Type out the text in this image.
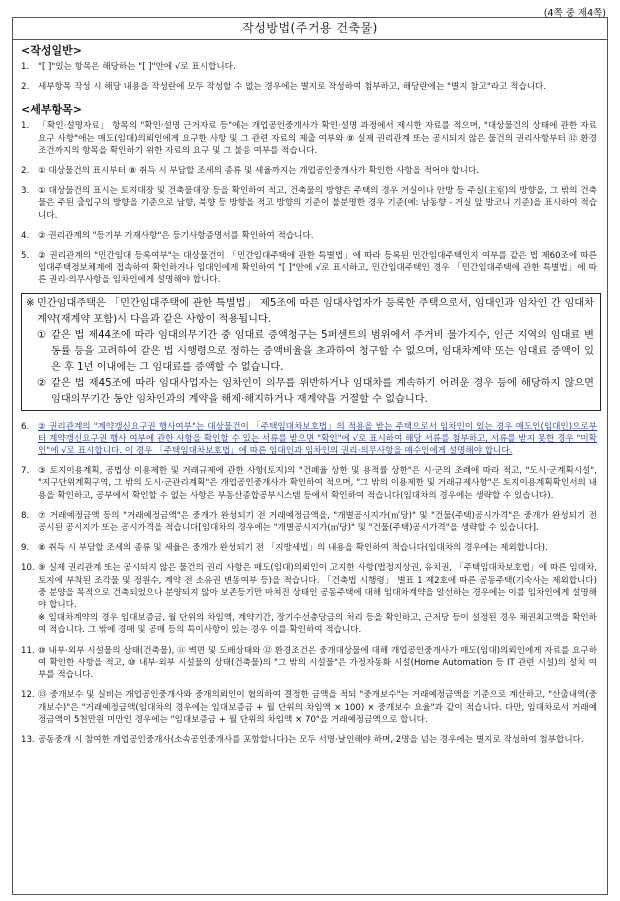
(4쪽 중 제4쪽)
작성방법(주거용 건축물)
<작성일반>
1.	"[ ]"있는 항목은 해당하는 "[ ]"안에 √로 표시합니다.
2.	세부항목 작성 시 해당 내용을 작성란에 모두 작성할 수 없는 경우에는 별지로 작성하여 첨부하고, 해당란에는 "별지 참고"라고 적습니다.
<세부항목>
1.	「확인·설명자료」 항목의 "확인·설명 근거자료 등"에는 개업공인중개사가 확인·설명 과정에서 제시한 자료를 적으며, "대상물건의 상태에 관한 자료요구 사항"에는 매도(임대)의뢰인에게 요구한 사항 및 그 관련 자료의 제출 여부와 ⑨ 실제 권리관계 또는 공시되지 않은 물건의 권리사항부터 ⑫ 환경조건까지의 항목을 확인하기 위한 자료의 요구 및 그 불응 여부를 적습니다.
2.	① 대상물건의 표시부터 ⑧ 취득 시 부담할 조세의 종류 및 세율까지는 개업공인중개사가 확인한 사항을 적어야 합니다.
3.	① 대상물건의 표시는 토지대장 및 건축물대장 등을 확인하여 적고, 건축물의 방향은 주택의 경우 거실이나 안방 등 주실(主室)의 방향을, 그 밖의 건축물은 주된 출입구의 방향을 기준으로 남향, 북향 등 방향을 적고 방향의 기준이 불분명한 경우 기준(예: 남동향 - 거실 앞 발코니 기준)을 표시하여 적습니다.
4.	② 권리관계의 "등기부 기재사항"은 등기사항증명서를 확인하여 적습니다.
5.	② 권리관계의 "민간임대 등록여부"는 대상물건이 「민간임대주택에 관한 특별법」에 따라 등록된 민간임대주택인지 여부를 같은 법 제60조에 따른 임대주택정보체계에 접속하여 확인하거나 임대인에게 확인하여 "[ ]"안에 √로 표시하고, 민간임대주택인 경우 「민간임대주택에 관한 특별법」에 따른 권리·의무사항을 임차인에게 설명해야 합니다.
※ 민간임대주택은 「민간임대주택에 관한 특별법」 제5조에 따른 임대사업자가 등록한 주택으로서, 임대인과 임차인 간 임대차 계약(재계약 포함)시 다음과 같은 사항이 적용됩니다.
① 같은 법 제44조에 따라 임대의무기간 중 임대료 증액청구는 5퍼센트의 범위에서 주거비 물가지수, 인근 지역의 임대료 변동률 등을 고려하여 같은 법 시행령으로 정하는 증액비율을 초과하여 청구할 수 없으며, 임대차계약 또는 임대료 증액이 있은 후 1년 이내에는 그 임대료를 증액할 수 없습니다.
② 같은 법 제45조에 따라 임대사업자는 임차인이 의무를 위반하거나 임대차를 계속하기 어려운 경우 등에 해당하지 않으면 임대의무기간 동안 임차인과의 계약을 해제·해지하거나 재계약을 거절할 수 없습니다.
6.	② 권리관계의 "계약갱신요구권 행사여부"는 대상물건이 「주택임대차보호법」의 적용을 받는 주택으로서 임차인이 있는 경우 매도인(임대인)으로부터 계약갱신요구권 행사 여부에 관한 사항을 확인할 수 있는 서류를 받으면 "확인"에 √로 표시하여 해당 서류를 첨부하고, 서류를 받지 못한 경우 "미확인"에 √로 표시합니다. 이 경우 「주택임대차보호법」에 따른 임대인과 임차인의 권리·의무사항을 매수인에게 설명해야 합니다.
7.	③ 토지이용계획, 공법상 이용제한 및 거래규제에 관한 사항(토지)의 "건폐율 상한 및 용적률 상한"은 시·군의 조례에 따라 적고, "도시·군계획시설", "지구단위계획구역, 그 밖의 도시·군관리계획"은 개업공인중개사가 확인하여 적으며, "그 밖의 이용제한 및 거래규제사항"은 토지이용계획확인서의 내용을 확인하고, 공부에서 확인할 수 없는 사항은 부동산종합공부시스템 등에서 확인하여 적습니다(임대차의 경우에는 생략할 수 있습니다).
8.	⑦ 거래예정금액 등의 "거래예정금액"은 중개가 완성되기 전 거래예정금액을, "개별공시지가(㎡당)" 및 "건물(주택)공시가격"은 중개가 완성되기 전 공시된 공시지가 또는 공시가격을 적습니다[임대차의 경우에는 "개별공시지가(㎡당)" 및 "건물(주택)공시가격"을 생략할 수 있습니다].
9.	⑧ 취득 시 부담할 조세의 종류 및 세율은 중개가 완성되기 전 「지방세법」의 내용을 확인하여 적습니다(임대차의 경우에는 제외합니다).
10. ⑨ 실제 권리관계 또는 공시되지 않은 물건의 권리 사항은 매도(임대)의뢰인이 고지한 사항(법정지상권, 유치권, 「주택임대차보호법」에 따른 임대차, 토지에 부착된 조각물 및 정원수, 계약 전 소유권 변동여부 등)을 적습니다. 「건축법 시행령」 별표 1 제2호에 따른 공동주택(기숙사는 제외합니다) 중 분양을 목적으로 건축되었으나 분양되지 않아 보존등기만 마쳐진 상태인 공동주택에 대해 임대차계약을 알선하는 경우에는 이를 임차인에게 설명해야 합니다.
※ 임대차계약의 경우 임대보증금, 월 단위의 차임액, 계약기간, 장기수선충당금의 처리 등을 확인하고, 근저당 등이 설정된 경우 채권최고액을 확인하여 적습니다. 그 밖에 경매 및 공매 등의 특이사항이 있는 경우 이를 확인하여 적습니다.
11. ⑩ 내부·외부 시설물의 상태(건축물), ⑪ 벽면 및 도배상태와 ⑫ 환경조건은 중개대상물에 대해 개업공인중개사가 매도(임대)의뢰인에게 자료를 요구하여 확인한 사항을 적고, ⑩ 내부·외부 시설물의 상태(건축물)의 "그 밖의 시설물"은 가정자동화 시설(Home Automation 등 IT 관련 시설)의 설치 여부를 적습니다.
12. ⑬ 중개보수 및 실비는 개업공인중개사와 중개의뢰인이 협의하여 결정한 금액을 적되 "중개보수"는 거래예정금액을 기준으로 계산하고, "산출내역(중개보수)"은 "거래예정금액(임대차의 경우에는 임대보증금 + 월 단위의 차임액 × 100) × 중개보수 요율"과 같이 적습니다. 다만, 임대차로서 거래예정금액이 5천만원 미만인 경우에는 "임대보증금 + 월 단위의 차임액 × 70"을 거래예정금액으로 합니다.
13. 공동중개 시 참여한 개업공인중개사(소속공인중개사를 포함합니다)는 모두 서명·날인해야 하며, 2명을 넘는 경우에는 별지로 작성하여 첨부합니다.
